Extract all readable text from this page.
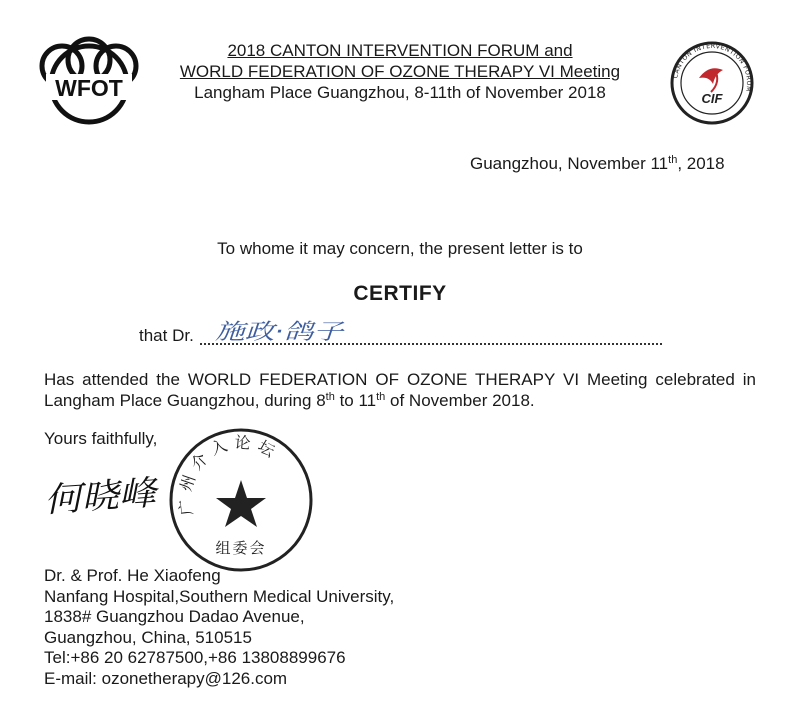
WFOT
2018 CANTON INTERVENTION FORUM and
WORLD FEDERATION OF OZONE THERAPY VI Meeting
Langham Place Guangzhou, 8-11th of November 2018
CANTON INTERVENTION FORUM
CIF
Guangzhou, November 11th, 2018
To whome it may concern, the present letter is to
CERTIFY
that Dr. 施政·鸽子
Has attended the WORLD FEDERATION OF OZONE THERAPY VI Meeting celebrated in
Langham Place Guangzhou, during 8th to 11th of November 2018.
Yours faithfully,
何晓峰	广州介入论坛
组委会
Dr. & Prof. He Xiaofeng
Nanfang Hospital,Southern Medical University,
1838# Guangzhou Dadao Avenue,
Guangzhou, China, 510515
Tel:+86 20 62787500,+86 13808899676
E-mail: ozonetherapy@126.com
